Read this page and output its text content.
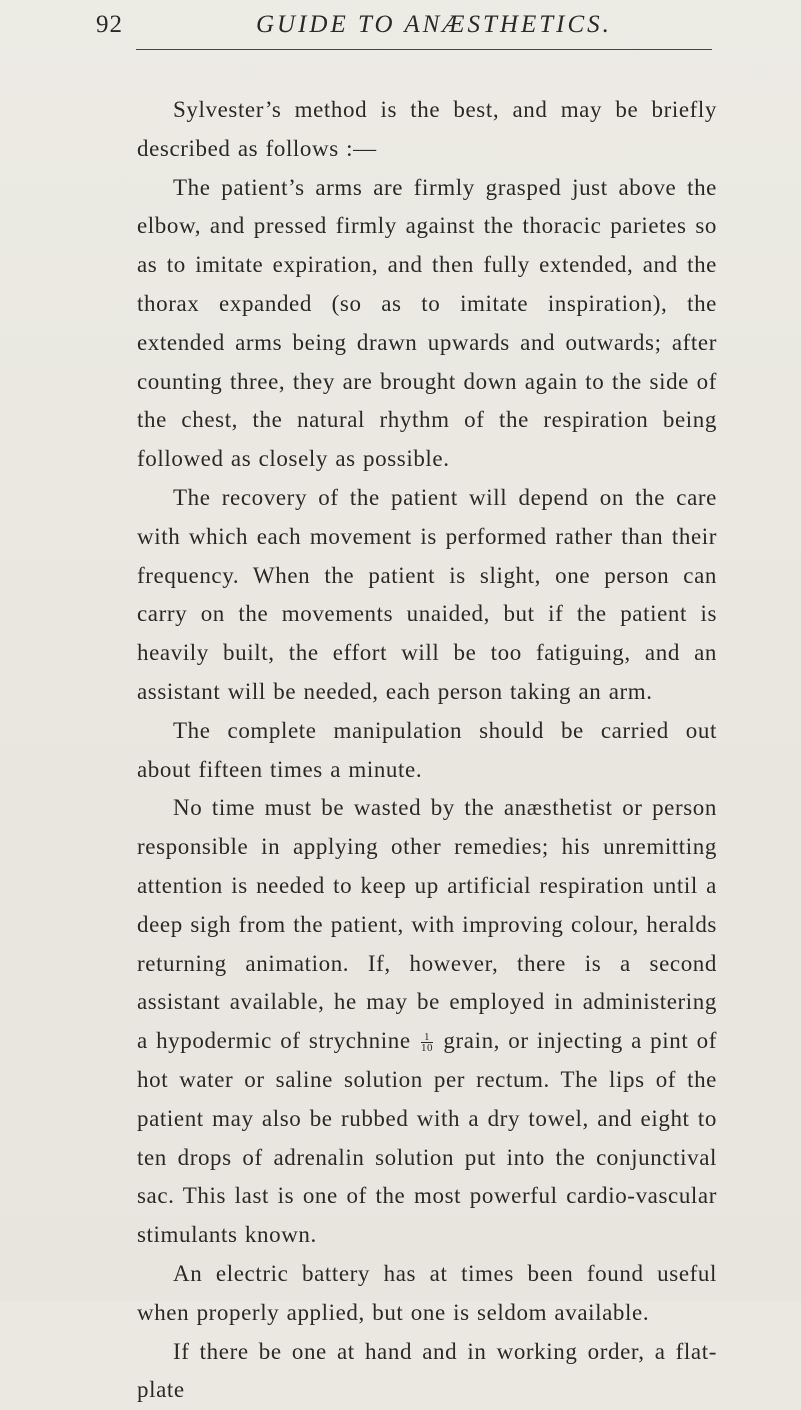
92	GUIDE TO ANÆSTHETICS.

Sylvester’s method is the best, and may be briefly described as follows :—

The patient’s arms are firmly grasped just above the elbow, and pressed firmly against the thoracic parietes so as to imitate expiration, and then fully extended, and the thorax expanded (so as to imitate inspiration), the extended arms being drawn upwards and outwards; after counting three, they are brought down again to the side of the chest, the natural rhythm of the respiration being followed as closely as possible.

The recovery of the patient will depend on the care with which each movement is performed rather than their frequency. When the patient is slight, one person can carry on the movements unaided, but if the patient is heavily built, the effort will be too fatiguing, and an assistant will be needed, each person taking an arm.

The complete manipulation should be carried out about fifteen times a minute.

No time must be wasted by the anæsthetist or person responsible in applying other remedies; his unremitting attention is needed to keep up artificial respiration until a deep sigh from the patient, with improving colour, heralds returning animation. If, however, there is a second assistant available, he may be employed in administering a hypodermic of strychnine $\frac{1}{10}$ grain, or injecting a pint of hot water or saline solution per rectum. The lips of the patient may also be rubbed with a dry towel, and eight to ten drops of adrenalin solution put into the conjunctival sac. This last is one of the most powerful cardio-vascular stimulants known.

An electric battery has at times been found useful when properly applied, but one is seldom available.

If there be one at hand and in working order, a flat-plate
